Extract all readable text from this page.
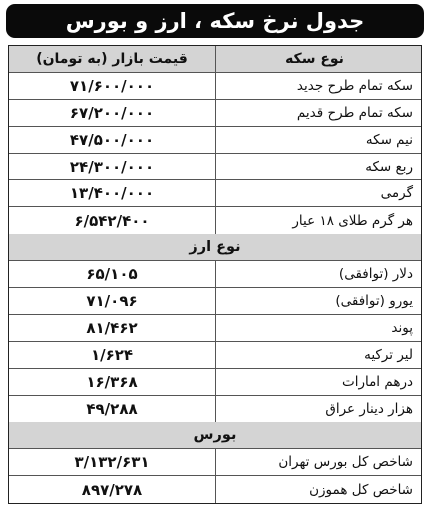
جدول نرخ سکه ، ارز و بورس
نوع سکه
قیمت بازار (به تومان)
سکه تمام طرح جدید
۷۱/۶۰۰/۰۰۰
سکه تمام طرح قدیم
۶۷/۲۰۰/۰۰۰
نیم سکه
۴۷/۵۰۰/۰۰۰
ربع سکه
۲۴/۳۰۰/۰۰۰
گرمی
۱۳/۴۰۰/۰۰۰
هر گرم طلای ۱۸ عیار
۶/۵۴۲/۴۰۰
نوع ارز
دلار (توافقی)
۶۵/۱۰۵
یورو (توافقی)
۷۱/۰۹۶
پوند
۸۱/۴۶۲
لیر ترکیه
۱/۶۲۴
درهم امارات
۱۶/۳۶۸
هزار دینار عراق
۴۹/۲۸۸
بورس
شاخص کل بورس تهران
۳/۱۳۲/۶۳۱
شاخص کل هموزن
۸۹۷/۲۷۸
